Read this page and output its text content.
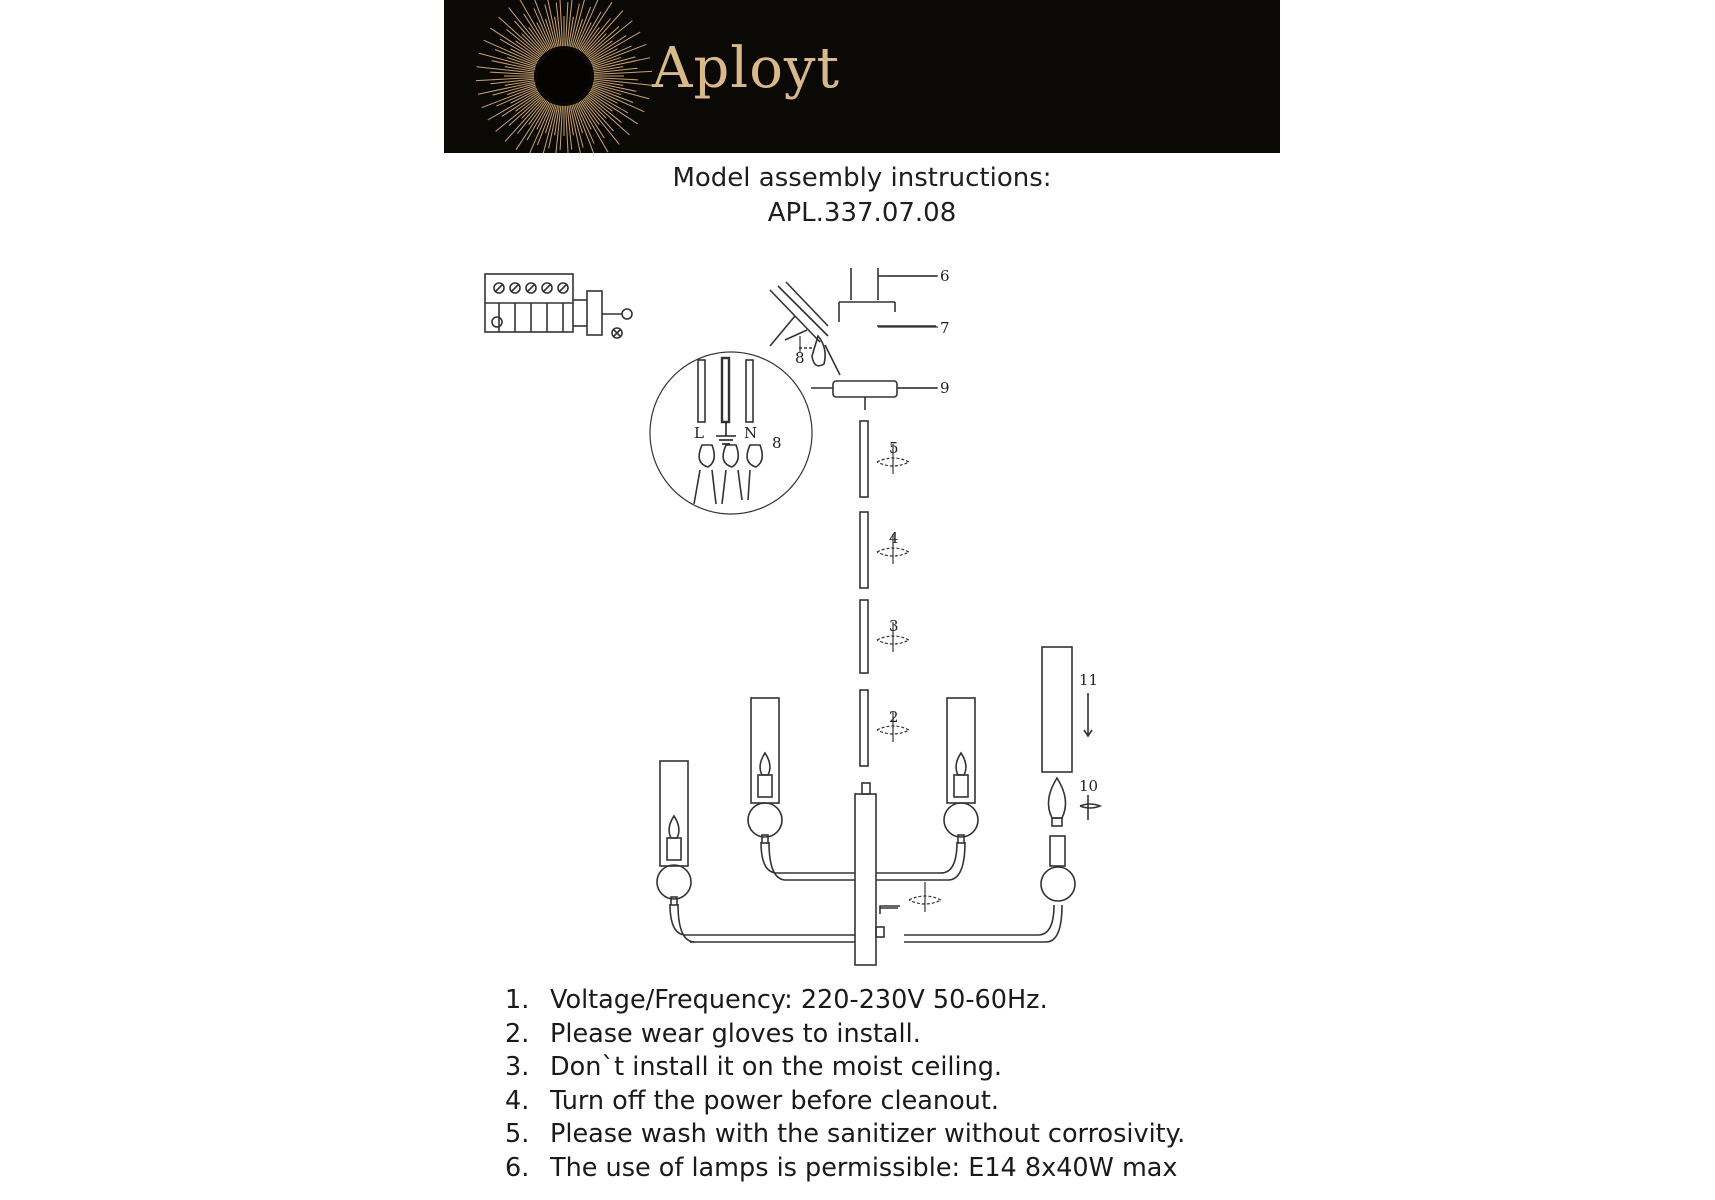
Aployt
Model assembly instructions:
APL.337.07.08
L	N
8
2
3
4
5
6
7
8
9
10
11
1. Voltage/Frequency: 220-230V 50-60Hz.
2. Please wear gloves to install.
3. Don`t install it on the moist ceiling.
4. Turn off the power before cleanout.
5. Please wash with the sanitizer without corrosivity.
6. The use of lamps is permissible: E14 8x40W max
